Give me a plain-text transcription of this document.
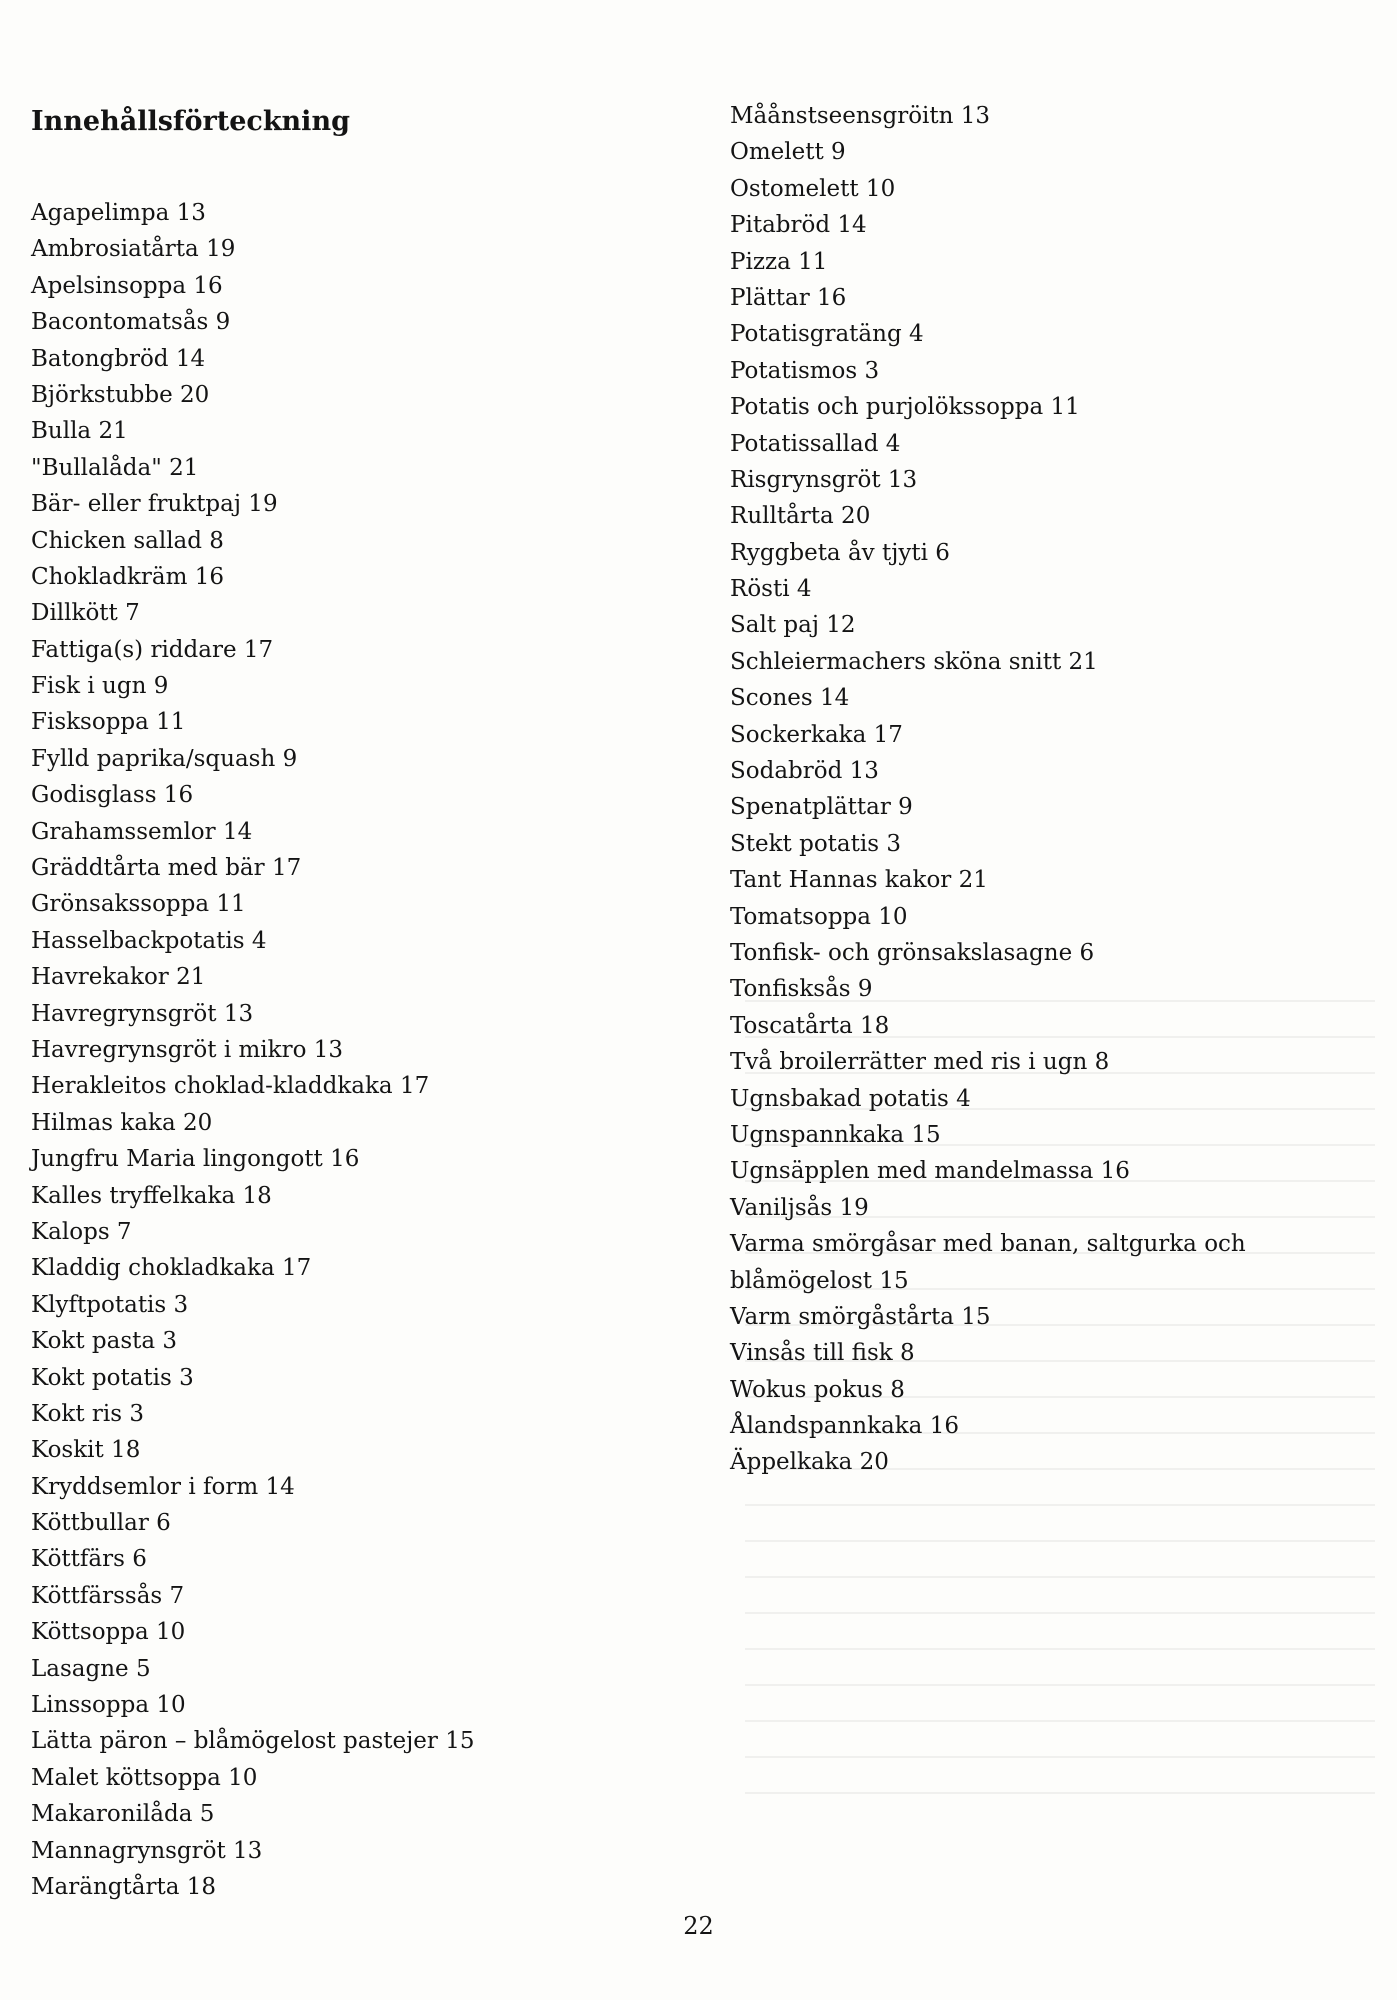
Innehållsförteckning
Agapelimpa 13
Ambrosiatårta 19
Apelsinsoppa 16
Bacontomatsås 9
Batongbröd 14
Björkstubbe 20
Bulla 21
"Bullalåda" 21
Bär- eller fruktpaj 19
Chicken sallad 8
Chokladkräm 16
Dillkött 7
Fattiga(s) riddare 17
Fisk i ugn 9
Fisksoppa 11
Fylld paprika/squash 9
Godisglass 16
Grahamssemlor 14
Gräddtårta med bär 17
Grönsakssoppa 11
Hasselbackpotatis 4
Havrekakor 21
Havregrynsgröt 13
Havregrynsgröt i mikro 13
Herakleitos choklad-kladdkaka 17
Hilmas kaka 20
Jungfru Maria lingongott 16
Kalles tryffelkaka 18
Kalops 7
Kladdig chokladkaka 17
Klyftpotatis 3
Kokt pasta 3
Kokt potatis 3
Kokt ris 3
Koskit 18
Kryddsemlor i form 14
Köttbullar 6
Köttfärs 6
Köttfärssås 7
Köttsoppa 10
Lasagne 5
Linssoppa 10
Lätta päron – blåmögelost pastejer 15
Malet köttsoppa 10
Makaronilåda 5
Mannagrynsgröt 13
Marängtårta 18
Måånstseensgröitn 13
Omelett 9
Ostomelett 10
Pitabröd 14
Pizza 11
Plättar 16
Potatisgratäng 4
Potatismos 3
Potatis och purjolökssoppa 11
Potatissallad 4
Risgrynsgröt 13
Rulltårta 20
Ryggbeta åv tjyti 6
Rösti 4
Salt paj 12
Schleiermachers sköna snitt 21
Scones 14
Sockerkaka 17
Sodabröd 13
Spenatplättar 9
Stekt potatis 3
Tant Hannas kakor 21
Tomatsoppa 10
Tonfisk- och grönsakslasagne 6
Tonfisksås 9
Toscatårta 18
Två broilerrätter med ris i ugn 8
Ugnsbakad potatis 4
Ugnspannkaka 15
Ugnsäpplen med mandelmassa 16
Vaniljsås 19
Varma smörgåsar med banan, saltgurka och blåmögelost 15
Varm smörgåstårta 15
Vinsås till fisk 8
Wokus pokus 8
Ålandspannkaka 16
Äppelkaka 20
22
